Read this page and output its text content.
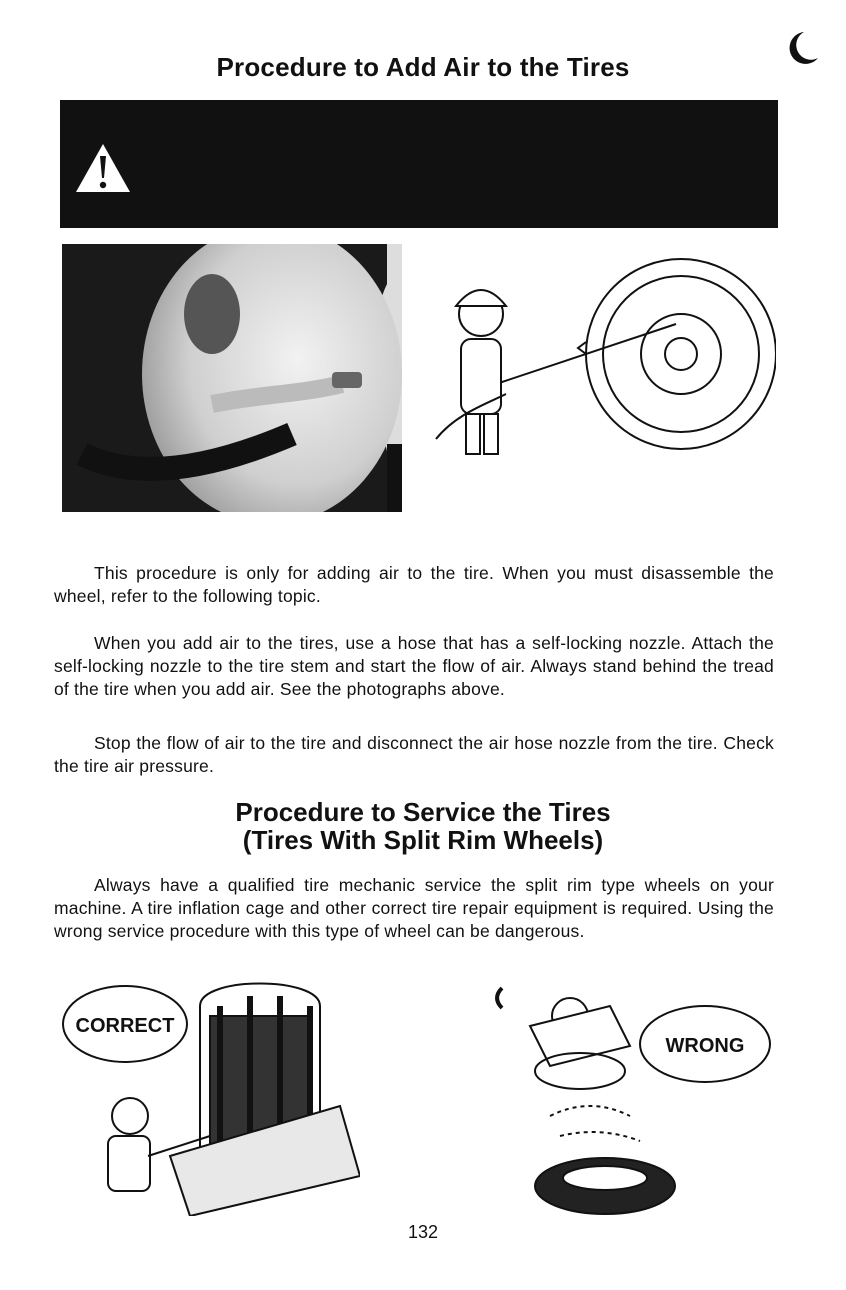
Procedure to Add Air to the Tires
WARNING: The split rim type wheel on this machine can be dangerous. When you add air to the tire, always (1) stand behind the tread of the tire or (2) put the tire in a tire cage. The retaining ring and rim of the wheel can come off with an explosive force. You or a person in the area can receive a serious injury.	47-43-B
This procedure is only for adding air to the tire. When you must disassemble the wheel, refer to the following topic.
When you add air to the tires, use a hose that has a self-locking nozzle. Attach the self-locking nozzle to the tire stem and start the flow of air. Always stand behind the tread of the tire when you add air. See the photographs above.
Stop the flow of air to the tire and disconnect the air hose nozzle from the tire. Check the tire air pressure.
Procedure to Service the Tires
(Tires With Split Rim Wheels)
Always have a qualified tire mechanic service the split rim type wheels on your machine. A tire inflation cage and other correct tire repair equipment is required. Using the wrong service procedure with this type of wheel can be dangerous.
CORRECT
WRONG
132
